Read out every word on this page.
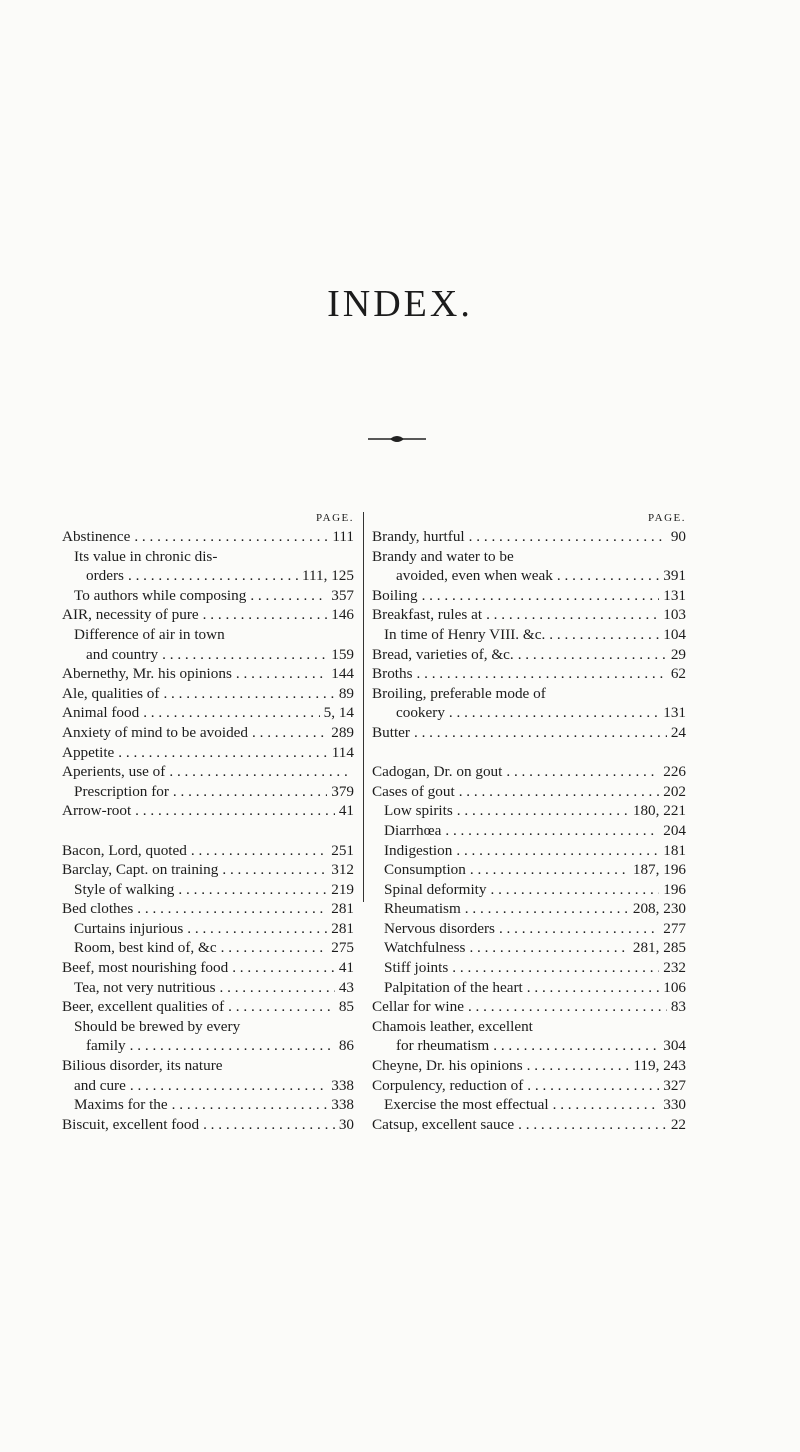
INDEX.
PAGE.
Abstinence . . .	111
Its value in chronic dis-
orders . . .	111, 125
To authors while composing . . .	357
AIR, necessity of pure . . .	146
Difference of air in town
and country . . .	159
Abernethy, Mr. his opinions . . .	144
Ale, qualities of . . .	89
Animal food . . .	5, 14
Anxiety of mind to be avoided . . .	289
Appetite . . .	114
Aperients, use of
. . .
Prescription for . . .	379
Arrow-root . . .	41
Bacon, Lord, quoted . . .	251
Barclay, Capt. on training . . .	312
Style of walking . . .	219
Bed clothes . . .	281
Curtains injurious . . .	281
Room, best kind of, &c . . .	275
Beef, most nourishing food . . .	41
Tea, not very nutritious . . .	43
Beer, excellent qualities of . . .	85
Should be brewed by every
family . . .	86
Bilious disorder, its nature
and cure . . .	338
Maxims for the . . .	338
Biscuit, excellent food . . .	30
PAGE.
Brandy, hurtful . . .	90
Brandy and water to be
avoided, even when weak . . .	391
Boiling . . .	131
Breakfast, rules at . . .	103
In time of Henry VIII. &c. . . .	104
Bread, varieties of, &c. . . .	29
Broths . . .	62
Broiling, preferable mode of
cookery . . .	131
Butter . . .	24
Cadogan, Dr. on gout . . .	226
Cases of gout . . .	202
Low spirits . . .	180, 221
Diarrhœa . . .	204
Indigestion . . .	181
Consumption . . .	187, 196
Spinal deformity . . .	196
Rheumatism . . .	208, 230
Nervous disorders . . .	277
Watchfulness . . .	281, 285
Stiff joints . . .	232
Palpitation of the heart . . .	106
Cellar for wine . . .	83
Chamois leather, excellent
for rheumatism . . .	304
Cheyne, Dr. his opinions . . .	119, 243
Corpulency, reduction of . . .	327
Exercise the most effectual . . .	330
Catsup, excellent sauce . . .	22
